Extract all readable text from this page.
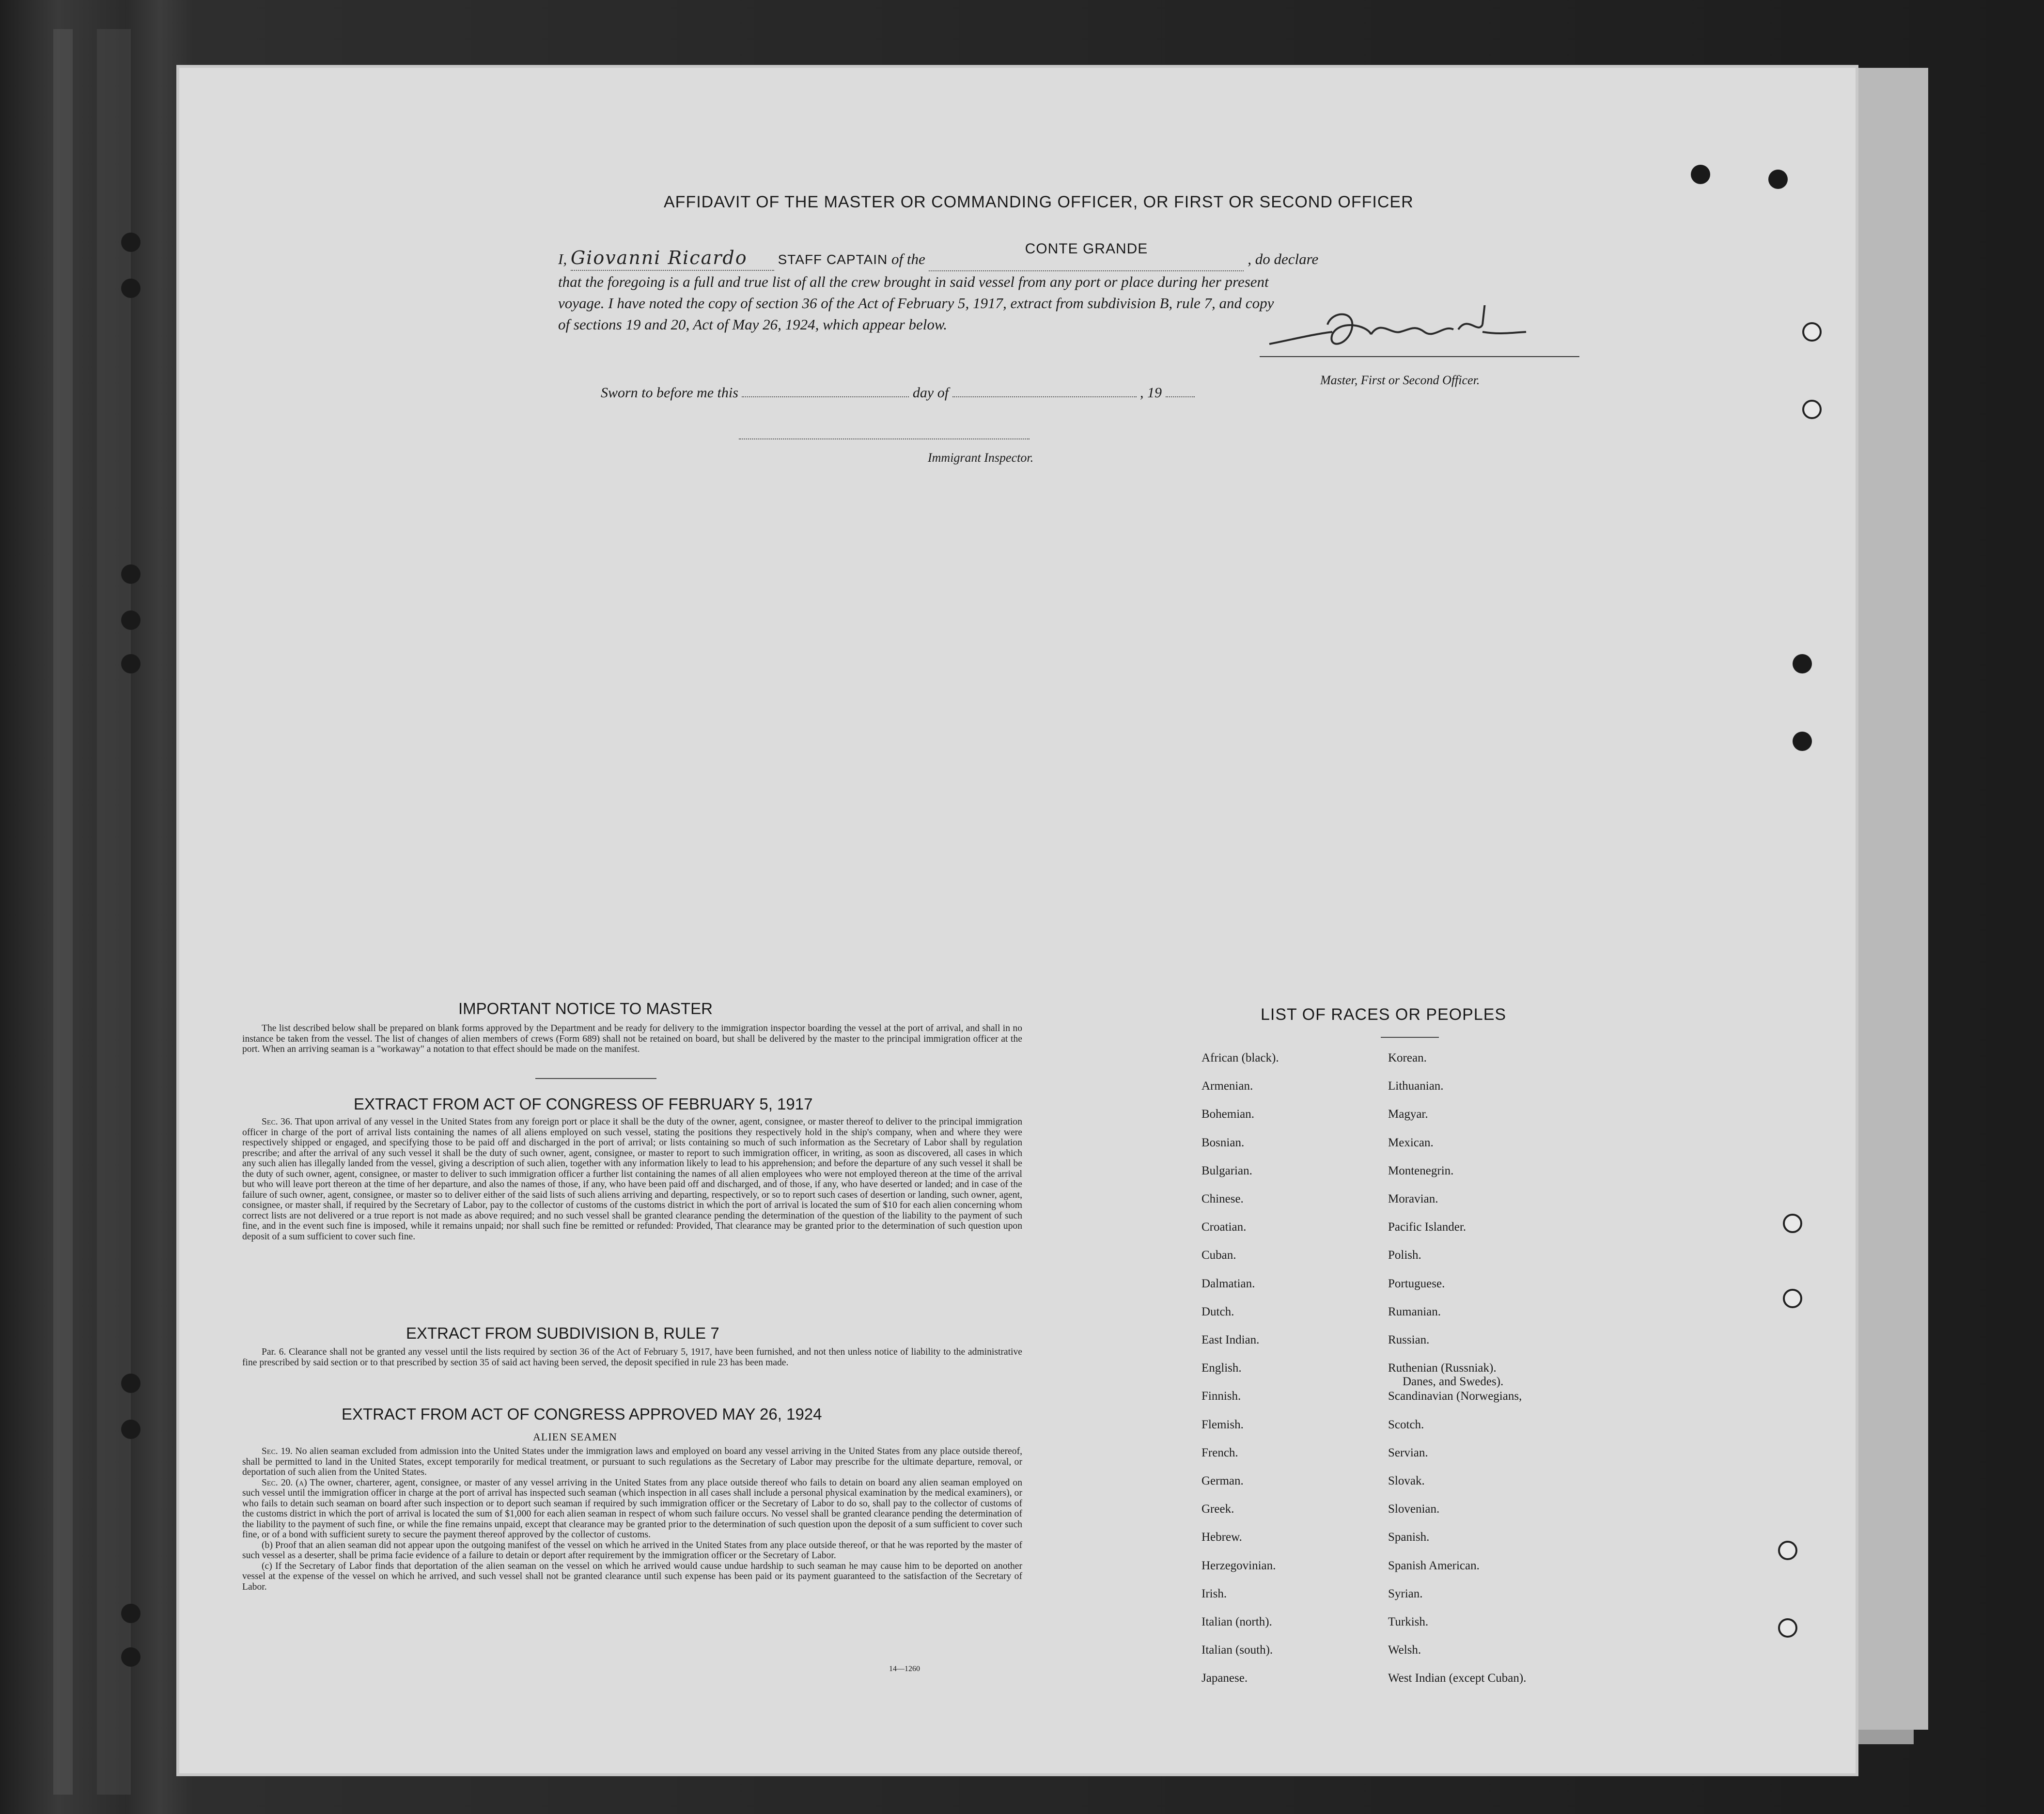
AFFIDAVIT OF THE MASTER OR COMMANDING OFFICER, OR FIRST OR SECOND OFFICER
I, Giovanni Ricardo STAFF CAPTAIN of the CONTE GRANDE , do declare
that the foregoing is a full and true list of all the crew brought in said vessel from any port or place during her present
voyage. I have noted the copy of section 36 of the Act of February 5, 1917, extract from subdivision B, rule 7, and copy
of sections 19 and 20, Act of May 26, 1924, which appear below.
Master, First or Second Officer.
Sworn to before me this	day of	, 19
Immigrant Inspector.
IMPORTANT NOTICE TO MASTER

The list described below shall be prepared on blank forms approved by the Department and be ready for delivery to the immigration inspector boarding the vessel at the port of arrival, and shall in no instance be taken from the vessel. The list of changes of alien members of crews (Form 689) shall not be retained on board, but shall be delivered by the master to the principal immigration officer at the port. When an arriving seaman is a "workaway" a notation to that effect should be made on the manifest.

EXTRACT FROM ACT OF CONGRESS OF FEBRUARY 5, 1917

Sec. 36. That upon arrival of any vessel in the United States from any foreign port or place it shall be the duty of the owner, agent, consignee, or master thereof to deliver to the principal immigration officer in charge of the port of arrival lists containing the names of all aliens employed on such vessel, stating the positions they respectively hold in the ship's company, when and where they were respectively shipped or engaged, and specifying those to be paid off and discharged in the port of arrival; or lists containing so much of such information as the Secretary of Labor shall by regulation prescribe; and after the arrival of any such vessel it shall be the duty of such owner, agent, consignee, or master to report to such immigration officer, in writing, as soon as discovered, all cases in which any such alien has illegally landed from the vessel, giving a description of such alien, together with any information likely to lead to his apprehension; and before the departure of any such vessel it shall be the duty of such owner, agent, consignee, or master to deliver to such immigration officer a further list containing the names of all alien employees who were not employed thereon at the time of the arrival but who will leave port thereon at the time of her departure, and also the names of those, if any, who have been paid off and discharged, and of those, if any, who have deserted or landed; and in case of the failure of such owner, agent, consignee, or master so to deliver either of the said lists of such aliens arriving and departing, respectively, or so to report such cases of desertion or landing, such owner, agent, consignee, or master shall, if required by the Secretary of Labor, pay to the collector of customs of the customs district in which the port of arrival is located the sum of $10 for each alien concerning whom correct lists are not delivered or a true report is not made as above required; and no such vessel shall be granted clearance pending the determination of the question of the liability to the payment of such fine, and in the event such fine is imposed, while it remains unpaid; nor shall such fine be remitted or refunded: Provided, That clearance may be granted prior to the determination of such question upon deposit of a sum sufficient to cover such fine.

EXTRACT FROM SUBDIVISION B, RULE 7

Par. 6. Clearance shall not be granted any vessel until the lists required by section 36 of the Act of February 5, 1917, have been furnished, and not then unless notice of liability to the administrative fine prescribed by said section or to that prescribed by section 35 of said act having been served, the deposit specified in rule 23 has been made.

EXTRACT FROM ACT OF CONGRESS APPROVED MAY 26, 1924
ALIEN SEAMEN

Sec. 19. No alien seaman excluded from admission into the United States under the immigration laws and employed on board any vessel arriving in the United States from any place outside thereof, shall be permitted to land in the United States, except temporarily for medical treatment, or pursuant to such regulations as the Secretary of Labor may prescribe for the ultimate departure, removal, or deportation of such alien from the United States.

Sec. 20. (a) The owner, charterer, agent, consignee, or master of any vessel arriving in the United States from any place outside thereof who fails to detain on board any alien seaman employed on such vessel until the immigration officer in charge at the port of arrival has inspected such seaman (which inspection in all cases shall include a personal physical examination by the medical examiners), or who fails to detain such seaman on board after such inspection or to deport such seaman if required by such immigration officer or the Secretary of Labor to do so, shall pay to the collector of customs of the customs district in which the port of arrival is located the sum of $1,000 for each alien seaman in respect of whom such failure occurs. No vessel shall be granted clearance pending the determination of the liability to the payment of such fine, or while the fine remains unpaid, except that clearance may be granted prior to the determination of such question upon the deposit of a sum sufficient to cover such fine, or of a bond with sufficient surety to secure the payment thereof approved by the collector of customs.

(b) Proof that an alien seaman did not appear upon the outgoing manifest of the vessel on which he arrived in the United States from any place outside thereof, or that he was reported by the master of such vessel as a deserter, shall be prima facie evidence of a failure to detain or deport after requirement by the immigration officer or the Secretary of Labor.

(c) If the Secretary of Labor finds that deportation of the alien seaman on the vessel on which he arrived would cause undue hardship to such seaman he may cause him to be deported on another vessel at the expense of the vessel on which he arrived, and such vessel shall not be granted clearance until such expense has been paid or its payment guaranteed to the satisfaction of the Secretary of Labor.

14—1260
LIST OF RACES OR PEOPLES
African (black).
Armenian.
Bohemian.
Bosnian.
Bulgarian.
Chinese.
Croatian.
Cuban.
Dalmatian.
Dutch.
East Indian.
English.
Finnish.
Flemish.
French.
German.
Greek.
Hebrew.
Herzegovinian.
Irish.
Italian (north).
Italian (south).
Japanese.
Korean.
Lithuanian.
Magyar.
Mexican.
Montenegrin.
Moravian.
Pacific Islander.
Polish.
Portuguese.
Rumanian.
Russian.
Ruthenian (Russniak).
Scandinavian (Norwegians,
Danes, and Swedes).
Scotch.
Servian.
Slovak.
Slovenian.
Spanish.
Spanish American.
Syrian.
Turkish.
Welsh.
West Indian (except Cuban).
